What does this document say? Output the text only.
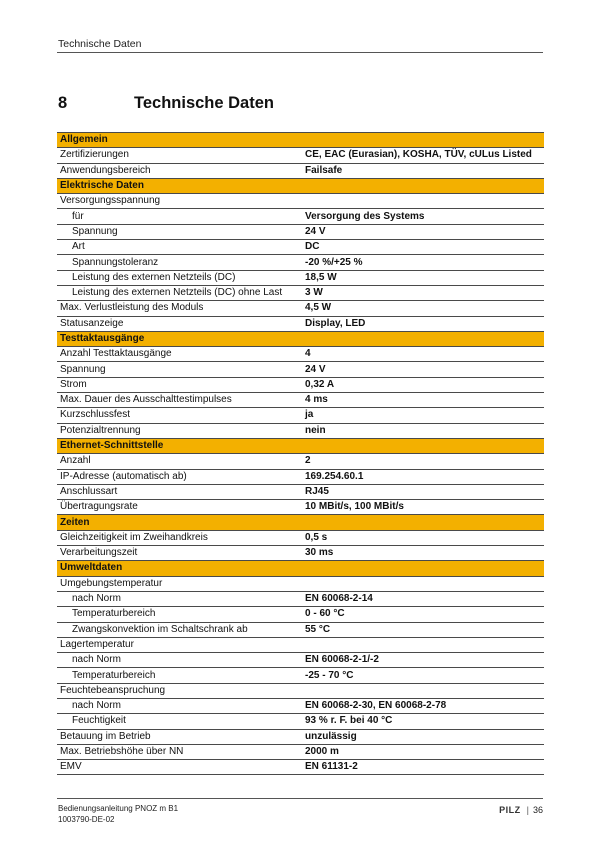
Technische Daten
8	Technische Daten
Allgemein	
Zertifizierungen	CE, EAC (Eurasian), KOSHA, TÜV, cULus Listed
Anwendungsbereich	Failsafe
Elektrische Daten	
Versorgungsspannung	
für	Versorgung des Systems
Spannung	24 V
Art	DC
Spannungstoleranz	-20 %/+25 %
Leistung des externen Netzteils (DC)	18,5 W
Leistung des externen Netzteils (DC) ohne Last	3 W
Max. Verlustleistung des Moduls	4,5 W
Statusanzeige	Display, LED
Testtaktausgänge	
Anzahl Testtaktausgänge	4
Spannung	24 V
Strom	0,32 A
Max. Dauer des Ausschalttestimpulses	4 ms
Kurzschlussfest	ja
Potenzialtrennung	nein
Ethernet-Schnittstelle	
Anzahl	2
IP-Adresse (automatisch ab)	169.254.60.1
Anschlussart	RJ45
Übertragungsrate	10 MBit/s, 100 MBit/s
Zeiten	
Gleichzeitigkeit im Zweihandkreis	0,5 s
Verarbeitungszeit	30 ms
Umweltdaten	
Umgebungstemperatur	
nach Norm	EN 60068-2-14
Temperaturbereich	0 - 60 °C
Zwangskonvektion im Schaltschrank ab	55 °C
Lagertemperatur	
nach Norm	EN 60068-2-1/-2
Temperaturbereich	-25 - 70 °C
Feuchtebeanspruchung	
nach Norm	EN 60068-2-30, EN 60068-2-78
Feuchtigkeit	93 % r. F. bei 40 °C
Betauung im Betrieb	unzulässig
Max. Betriebshöhe über NN	2000 m
EMV	EN 61131-2
Bedienungsanleitung PNOZ m B1
1003790-DE-02
PILZ | 36
